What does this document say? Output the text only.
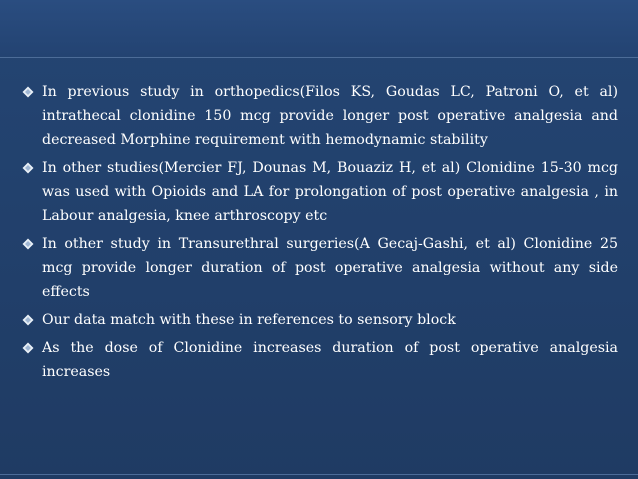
In previous study in orthopedics(Filos KS, Goudas LC, Patroni O, et al) intrathecal clonidine 150 mcg provide longer post operative analgesia and decreased Morphine requirement with hemodynamic stability
In other studies(Mercier FJ, Dounas M, Bouaziz H, et al) Clonidine 15-30 mcg was used with Opioids and LA for prolongation of post operative analgesia , in Labour analgesia, knee arthroscopy etc
In other study in Transurethral surgeries(A Gecaj-Gashi, et al) Clonidine 25 mcg provide longer duration of post operative analgesia without any side effects
Our data match with these in references to sensory block
As the dose of Clonidine increases duration of post operative analgesia increases
